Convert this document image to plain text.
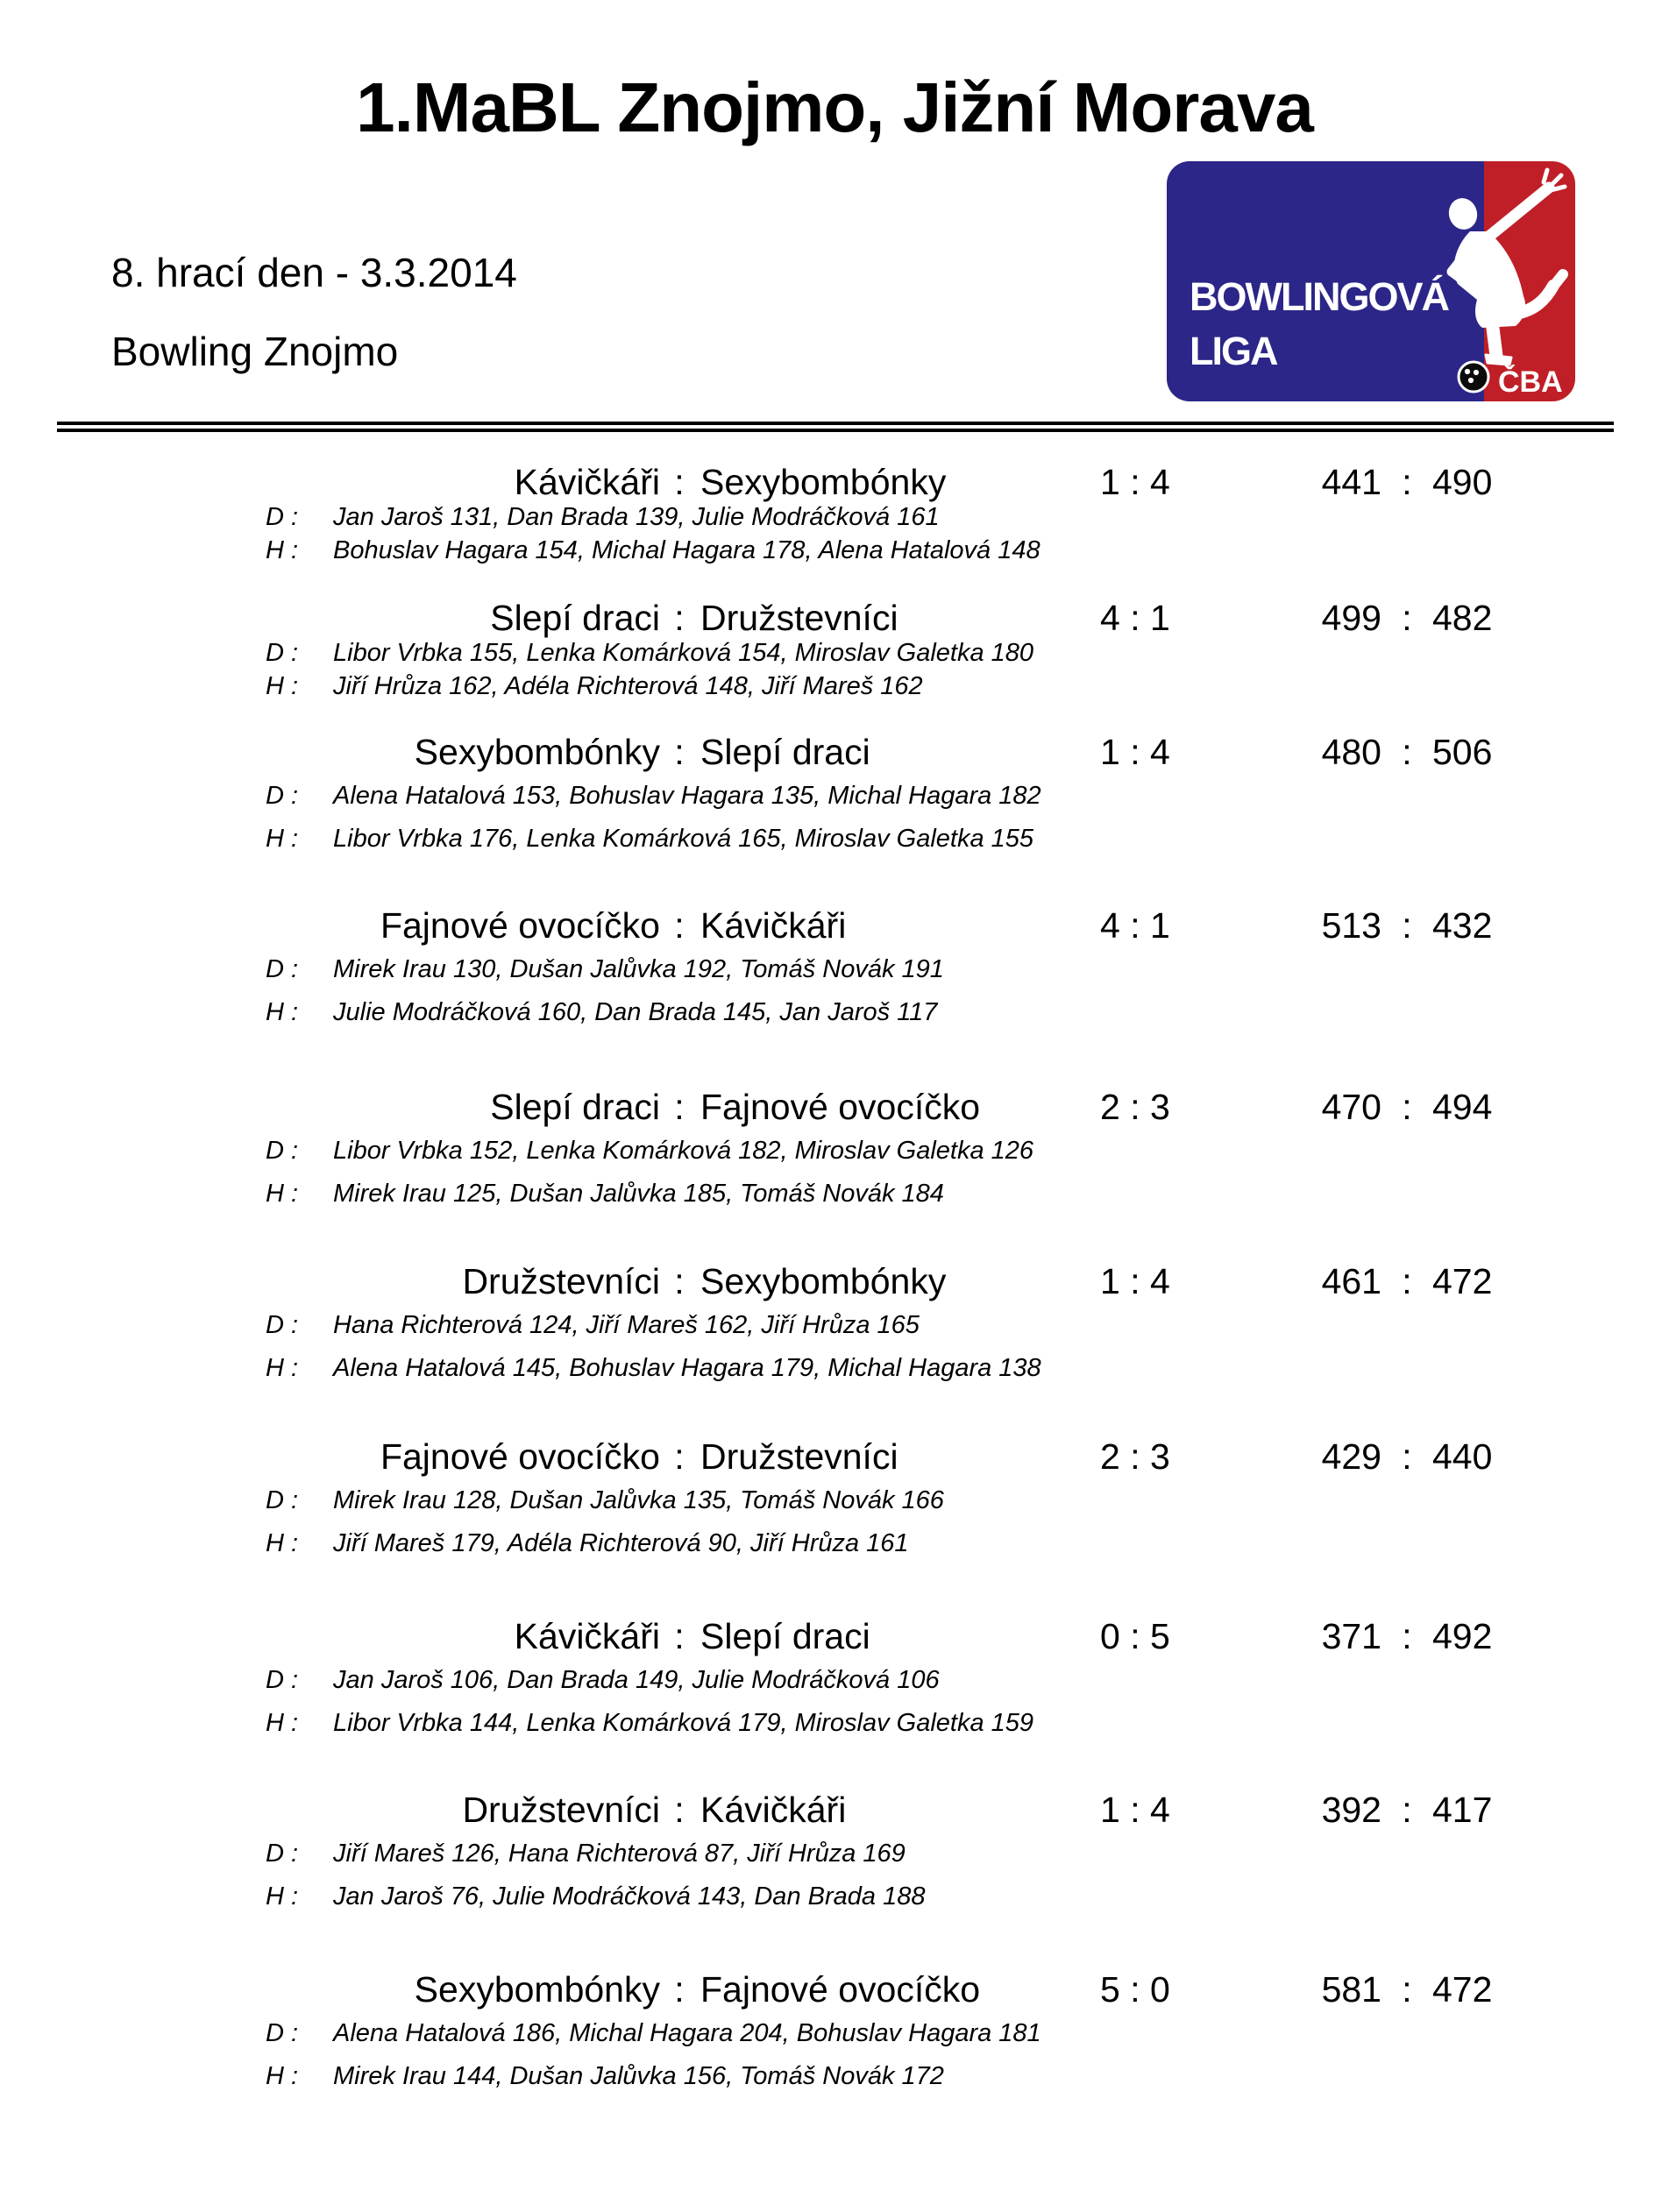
1.MaBL Znojmo, Jižní Morava
8. hrací den - 3.3.2014
Bowling Znojmo
BOWLINGOVÁ
LIGA
ČBA
Kávičkáři : Sexybombónky	1 : 4	441 : 490
D : Jan Jaroš 131, Dan Brada 139, Julie Modráčková 161
H : Bohuslav Hagara 154, Michal Hagara 178, Alena Hatalová 148
Slepí draci : Družstevníci	4 : 1	499 : 482
D : Libor Vrbka 155, Lenka Komárková 154, Miroslav Galetka 180
H : Jiří Hrůza 162, Adéla Richterová 148, Jiří Mareš 162
Sexybombónky : Slepí draci	1 : 4	480 : 506
D : Alena Hatalová 153, Bohuslav Hagara 135, Michal Hagara 182
H : Libor Vrbka 176, Lenka Komárková 165, Miroslav Galetka 155
Fajnové ovocíčko : Kávičkáři	4 : 1	513 : 432
D : Mirek Irau 130, Dušan Jalůvka 192, Tomáš Novák 191
H : Julie Modráčková 160, Dan Brada 145, Jan Jaroš 117
Slepí draci : Fajnové ovocíčko	2 : 3	470 : 494
D : Libor Vrbka 152, Lenka Komárková 182, Miroslav Galetka 126
H : Mirek Irau 125, Dušan Jalůvka 185, Tomáš Novák 184
Družstevníci : Sexybombónky	1 : 4	461 : 472
D : Hana Richterová 124, Jiří Mareš 162, Jiří Hrůza 165
H : Alena Hatalová 145, Bohuslav Hagara 179, Michal Hagara 138
Fajnové ovocíčko : Družstevníci	2 : 3	429 : 440
D : Mirek Irau 128, Dušan Jalůvka 135, Tomáš Novák 166
H : Jiří Mareš 179, Adéla Richterová 90, Jiří Hrůza 161
Kávičkáři : Slepí draci	0 : 5	371 : 492
D : Jan Jaroš 106, Dan Brada 149, Julie Modráčková 106
H : Libor Vrbka 144, Lenka Komárková 179, Miroslav Galetka 159
Družstevníci : Kávičkáři	1 : 4	392 : 417
D : Jiří Mareš 126, Hana Richterová 87, Jiří Hrůza 169
H : Jan Jaroš 76, Julie Modráčková 143, Dan Brada 188
Sexybombónky : Fajnové ovocíčko	5 : 0	581 : 472
D : Alena Hatalová 186, Michal Hagara 204, Bohuslav Hagara 181
H : Mirek Irau 144, Dušan Jalůvka 156, Tomáš Novák 172
